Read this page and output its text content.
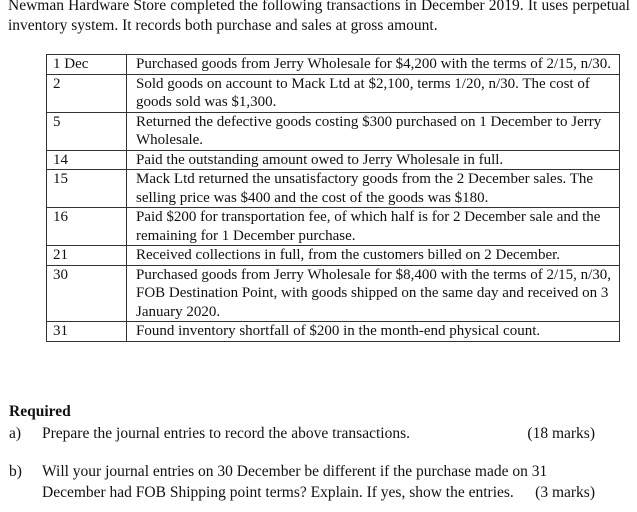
Newman Hardware Store completed the following transactions in December 2019. It uses perpetual inventory system. It records both purchase and sales at gross amount.
1 Dec	Purchased goods from Jerry Wholesale for $4,200 with the terms of 2/15, n/30.
2	Sold goods on account to Mack Ltd at $2,100, terms 1/20, n/30. The cost of goods sold was $1,300.
5	Returned the defective goods costing $300 purchased on 1 December to Jerry Wholesale.
14	Paid the outstanding amount owed to Jerry Wholesale in full.
15	Mack Ltd returned the unsatisfactory goods from the 2 December sales. The selling price was $400 and the cost of the goods was $180.
16	Paid $200 for transportation fee, of which half is for 2 December sale and the remaining for 1 December purchase.
21	Received collections in full, from the customers billed on 2 December.
30	Purchased goods from Jerry Wholesale for $8,400 with the terms of 2/15, n/30, FOB Destination Point, with goods shipped on the same day and received on 3 January 2020.
31	Found inventory shortfall of $200 in the month-end physical count.
Required
a) Prepare the journal entries to record the above transactions.	(18 marks)
b) Will your journal entries on 30 December be different if the purchase made on 31 December had FOB Shipping point terms? Explain. If yes, show the entries.	(3 marks)
